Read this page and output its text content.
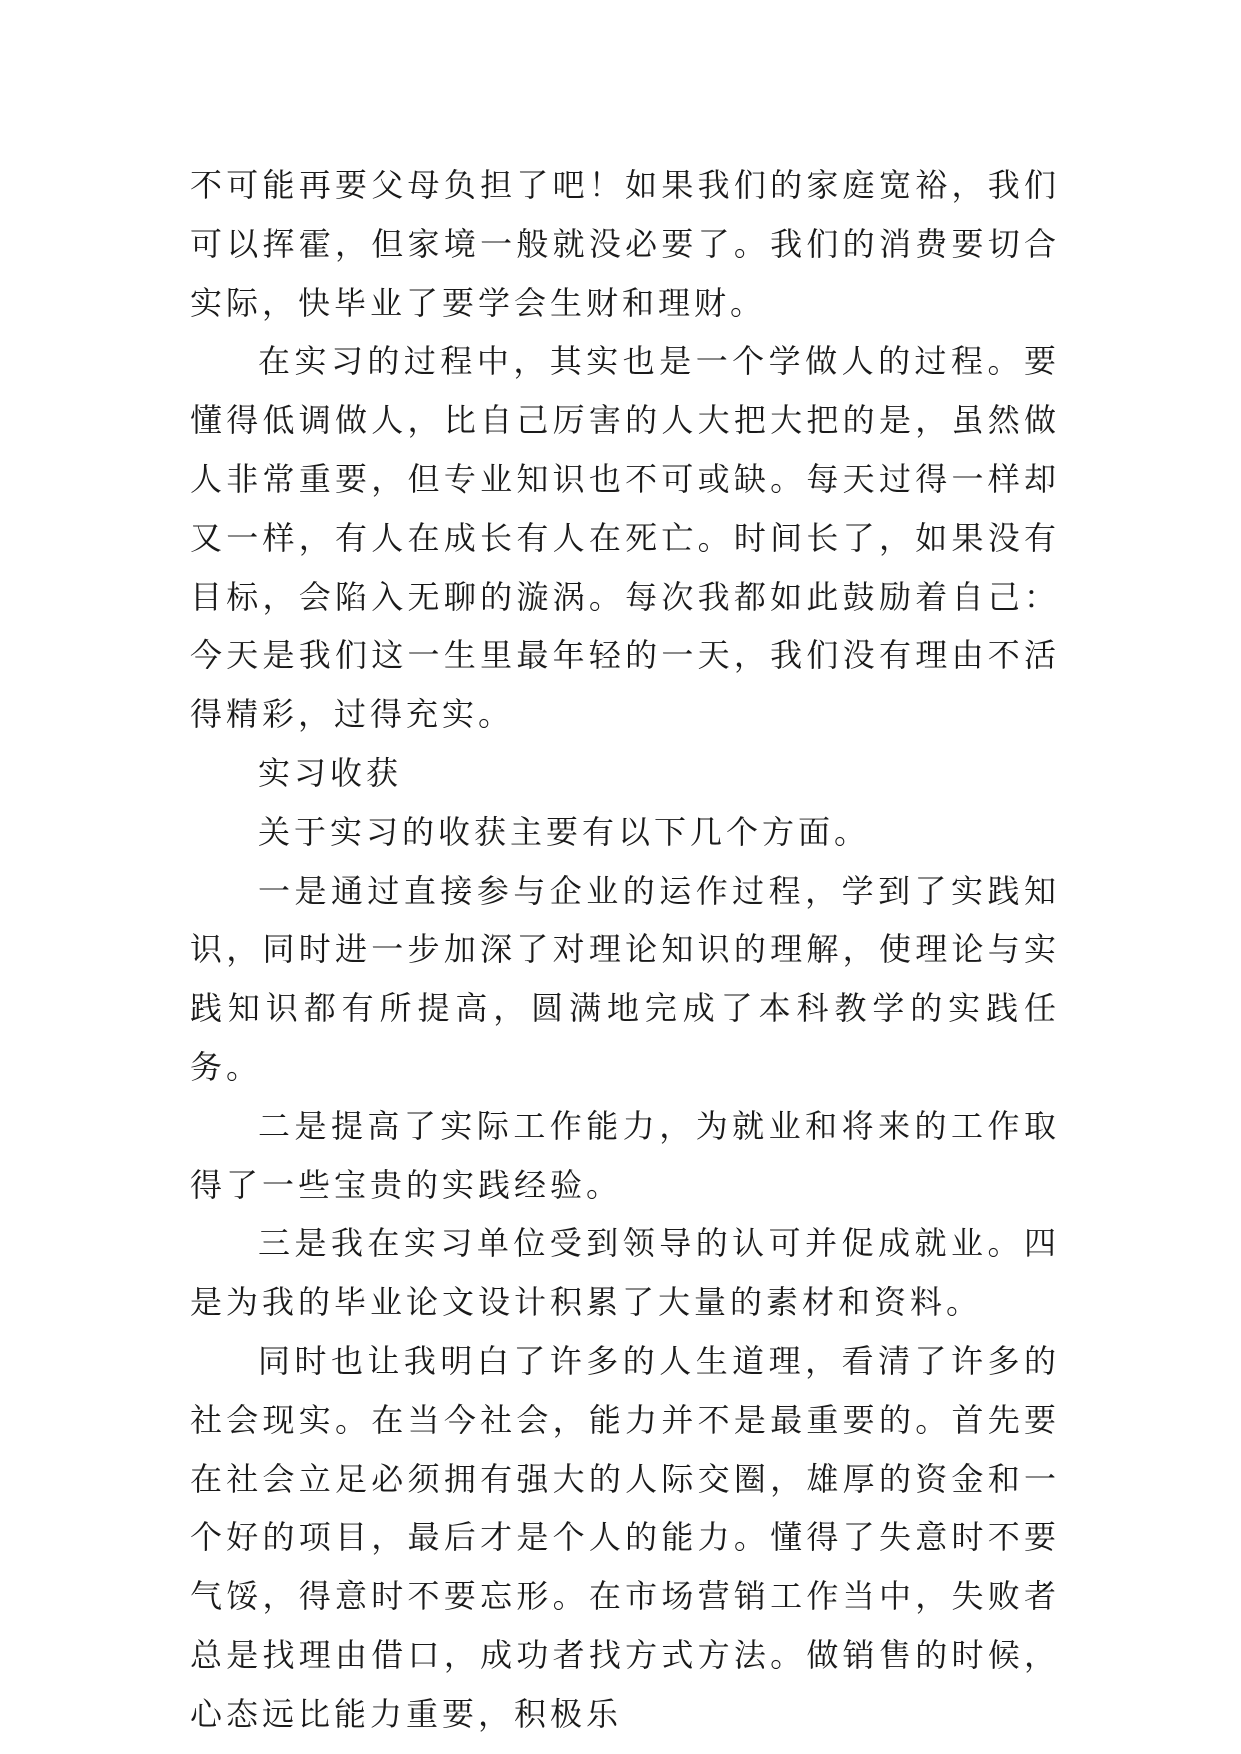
不可能再要父母负担了吧！如果我们的家庭宽裕，我们可以挥霍，但家境一般就没必要了。我们的消费要切合实际，快毕业了要学会生财和理财。

在实习的过程中，其实也是一个学做人的过程。要懂得低调做人，比自己厉害的人大把大把的是，虽然做人非常重要，但专业知识也不可或缺。每天过得一样却又一样，有人在成长有人在死亡。时间长了，如果没有目标，会陷入无聊的漩涡。每次我都如此鼓励着自己：今天是我们这一生里最年轻的一天，我们没有理由不活得精彩，过得充实。

实习收获

关于实习的收获主要有以下几个方面。

一是通过直接参与企业的运作过程，学到了实践知识，同时进一步加深了对理论知识的理解，使理论与实践知识都有所提高，圆满地完成了本科教学的实践任务。

二是提高了实际工作能力，为就业和将来的工作取得了一些宝贵的实践经验。

三是我在实习单位受到领导的认可并促成就业。四是为我的毕业论文设计积累了大量的素材和资料。

同时也让我明白了许多的人生道理，看清了许多的社会现实。在当今社会，能力并不是最重要的。首先要在社会立足必须拥有强大的人际交圈，雄厚的资金和一个好的项目，最后才是个人的能力。懂得了失意时不要气馁，得意时不要忘形。在市场营销工作当中，失败者总是找理由借口，成功者找方式方法。做销售的时候，心态远比能力重要，积极乐
